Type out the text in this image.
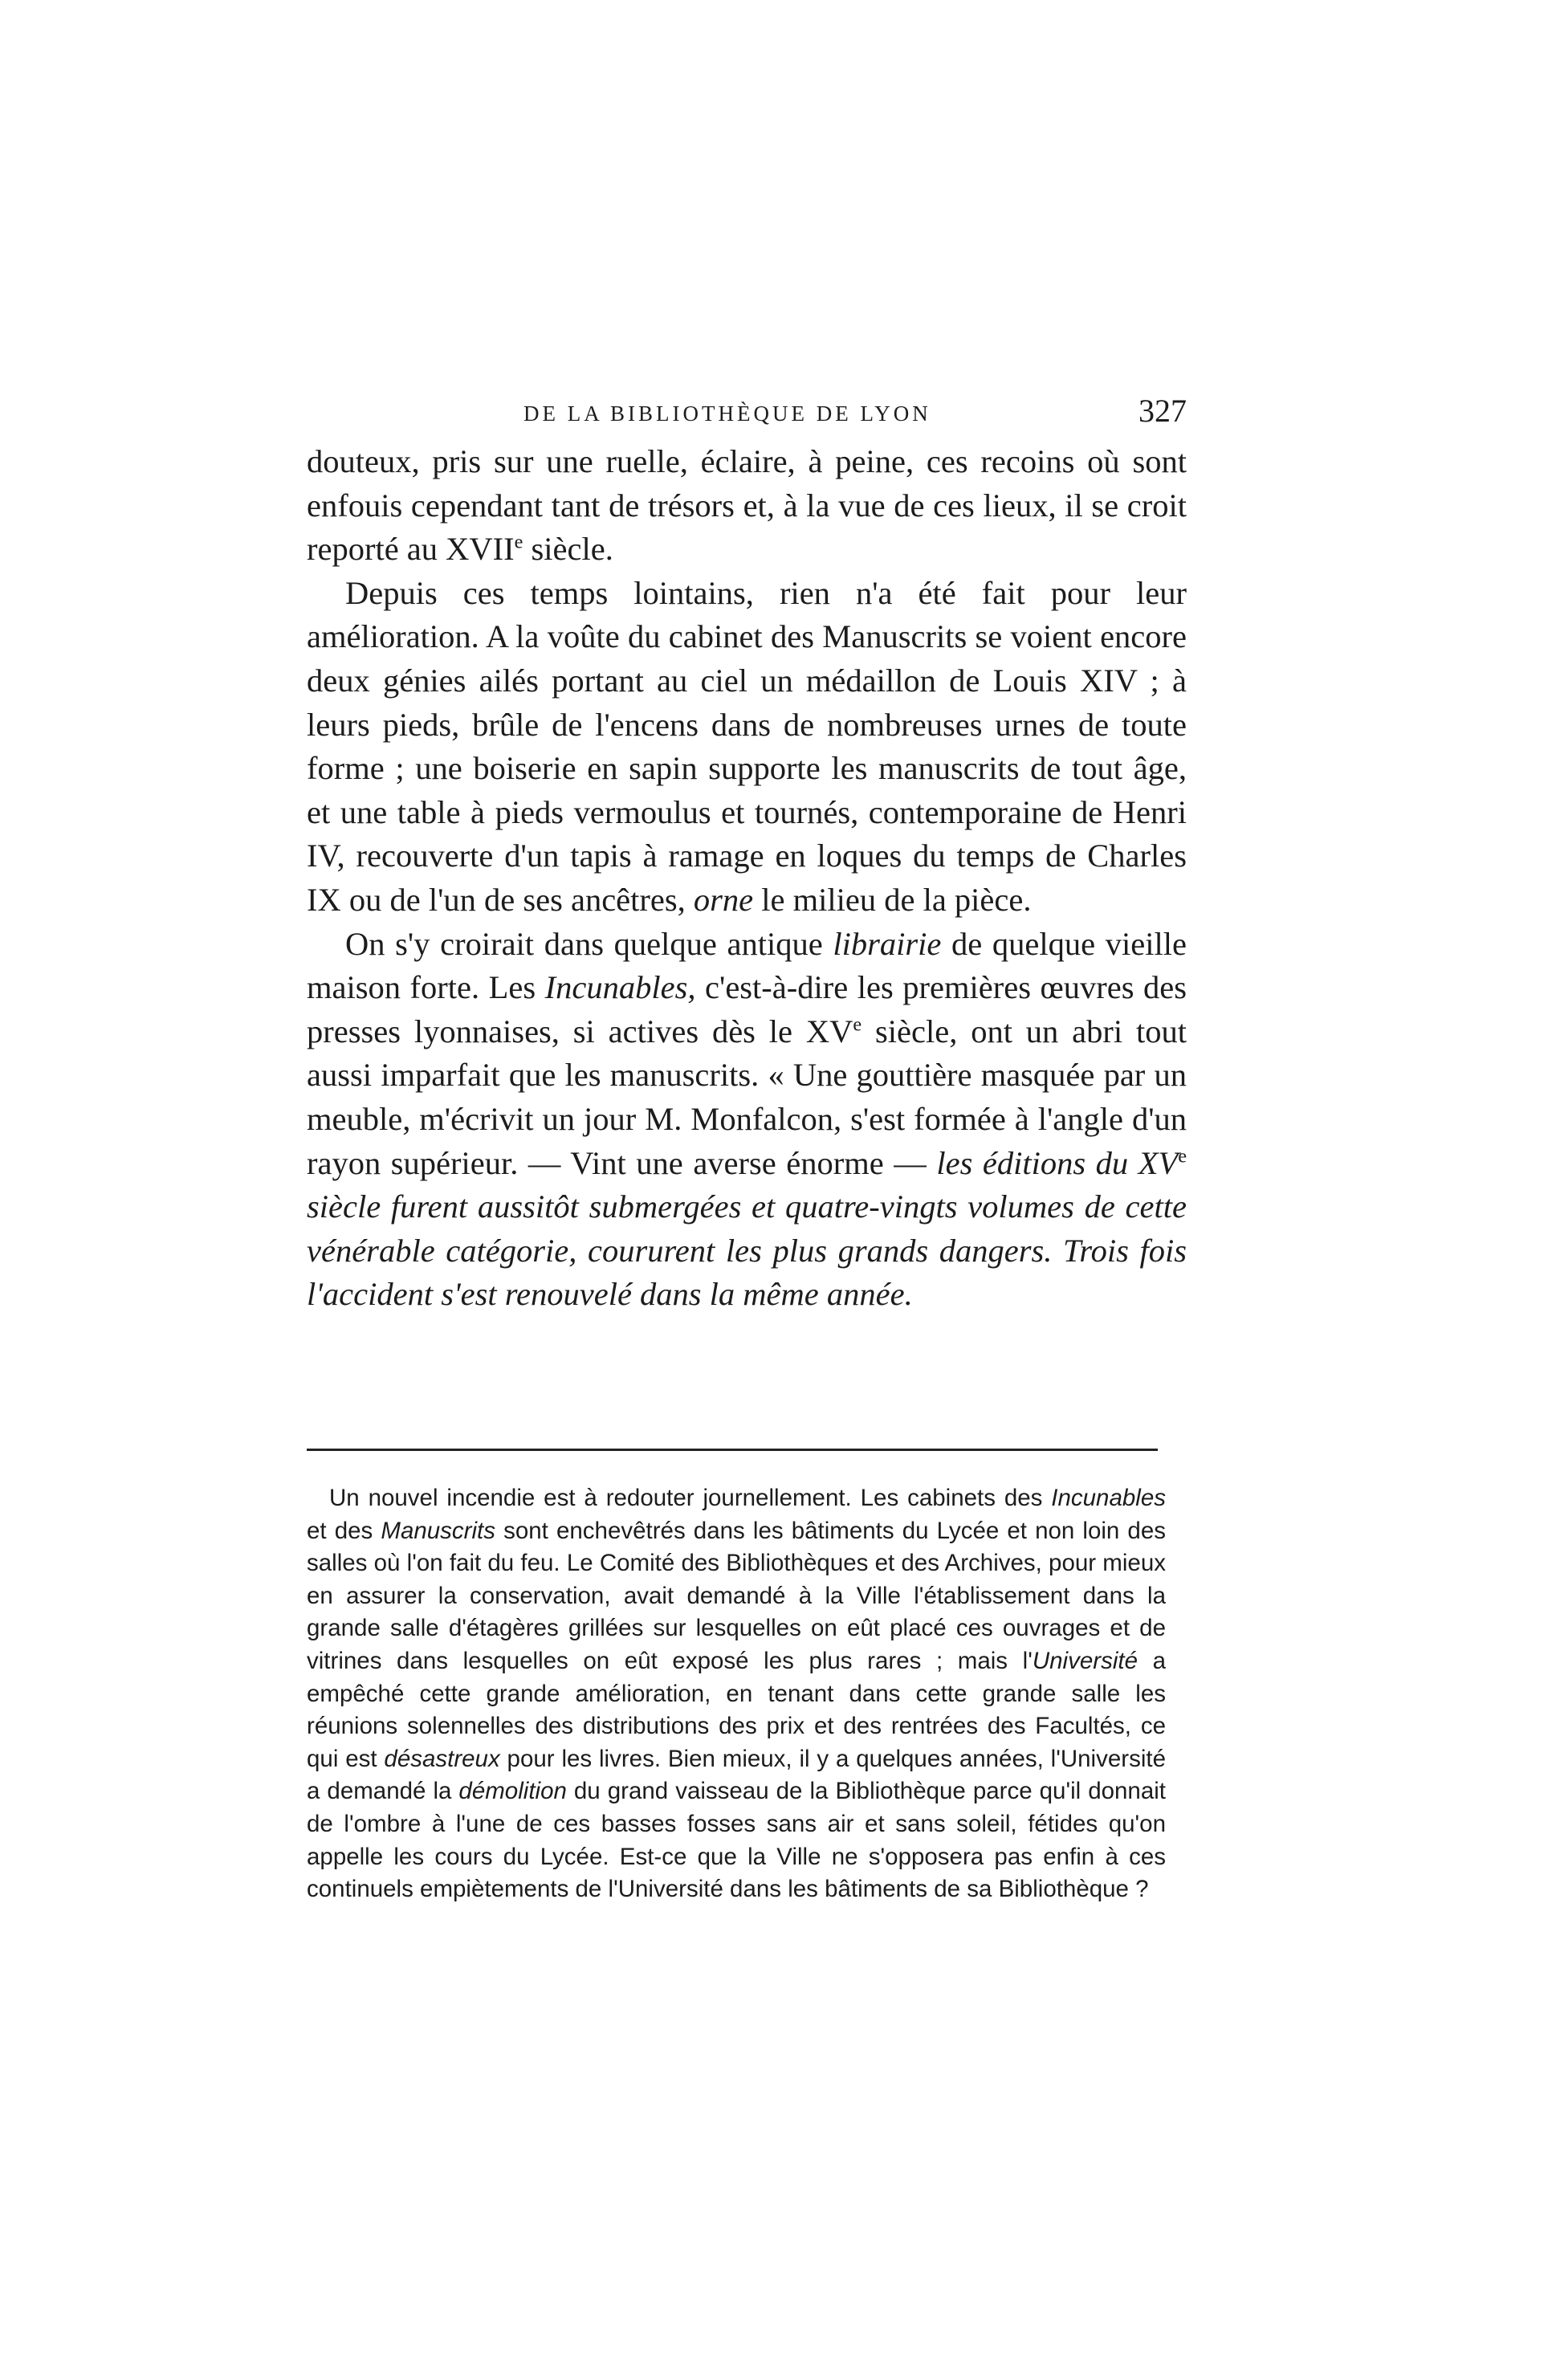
DE LA BIBLIOTHÈQUE DE LYON	327

douteux, pris sur une ruelle, éclaire, à peine, ces recoins où sont enfouis cependant tant de trésors et, à la vue de ces lieux, il se croit reporté au XVIIe siècle.

Depuis ces temps lointains, rien n'a été fait pour leur amélioration. A la voûte du cabinet des Manuscrits se voient encore deux génies ailés portant au ciel un médaillon de Louis XIV ; à leurs pieds, brûle de l'encens dans de nombreuses urnes de toute forme ; une boiserie en sapin supporte les manuscrits de tout âge, et une table à pieds vermoulus et tournés, contemporaine de Henri IV, recouverte d'un tapis à ramage en loques du temps de Charles IX ou de l'un de ses ancêtres, orne le milieu de la pièce.

On s'y croirait dans quelque antique librairie de quelque vieille maison forte. Les Incunables, c'est-à-dire les premières œuvres des presses lyonnaises, si actives dès le XVe siècle, ont un abri tout aussi imparfait que les manuscrits. « Une gouttière masquée par un meuble, m'écrivit un jour M. Monfalcon, s'est formée à l'angle d'un rayon supérieur. — Vint une averse énorme — les éditions du XVe siècle furent aussitôt submergées et quatre-vingts volumes de cette vénérable catégorie, coururent les plus grands dangers. Trois fois l'accident s'est renouvelé dans la même année.

Un nouvel incendie est à redouter journellement. Les cabinets des Incunables et des Manuscrits sont enchevêtrés dans les bâtiments du Lycée et non loin des salles où l'on fait du feu. Le Comité des Bibliothèques et des Archives, pour mieux en assurer la conservation, avait demandé à la Ville l'établissement dans la grande salle d'étagères grillées sur lesquelles on eût placé ces ouvrages et de vitrines dans lesquelles on eût exposé les plus rares ; mais l'Université a empêché cette grande amélioration, en tenant dans cette grande salle les réunions solennelles des distributions des prix et des rentrées des Facultés, ce qui est désastreux pour les livres. Bien mieux, il y a quelques années, l'Université a demandé la démolition du grand vaisseau de la Bibliothèque parce qu'il donnait de l'ombre à l'une de ces basses fosses sans air et sans soleil, fétides qu'on appelle les cours du Lycée. Est-ce que la Ville ne s'opposera pas enfin à ces continuels empiètements de l'Université dans les bâtiments de sa Bibliothèque ?
